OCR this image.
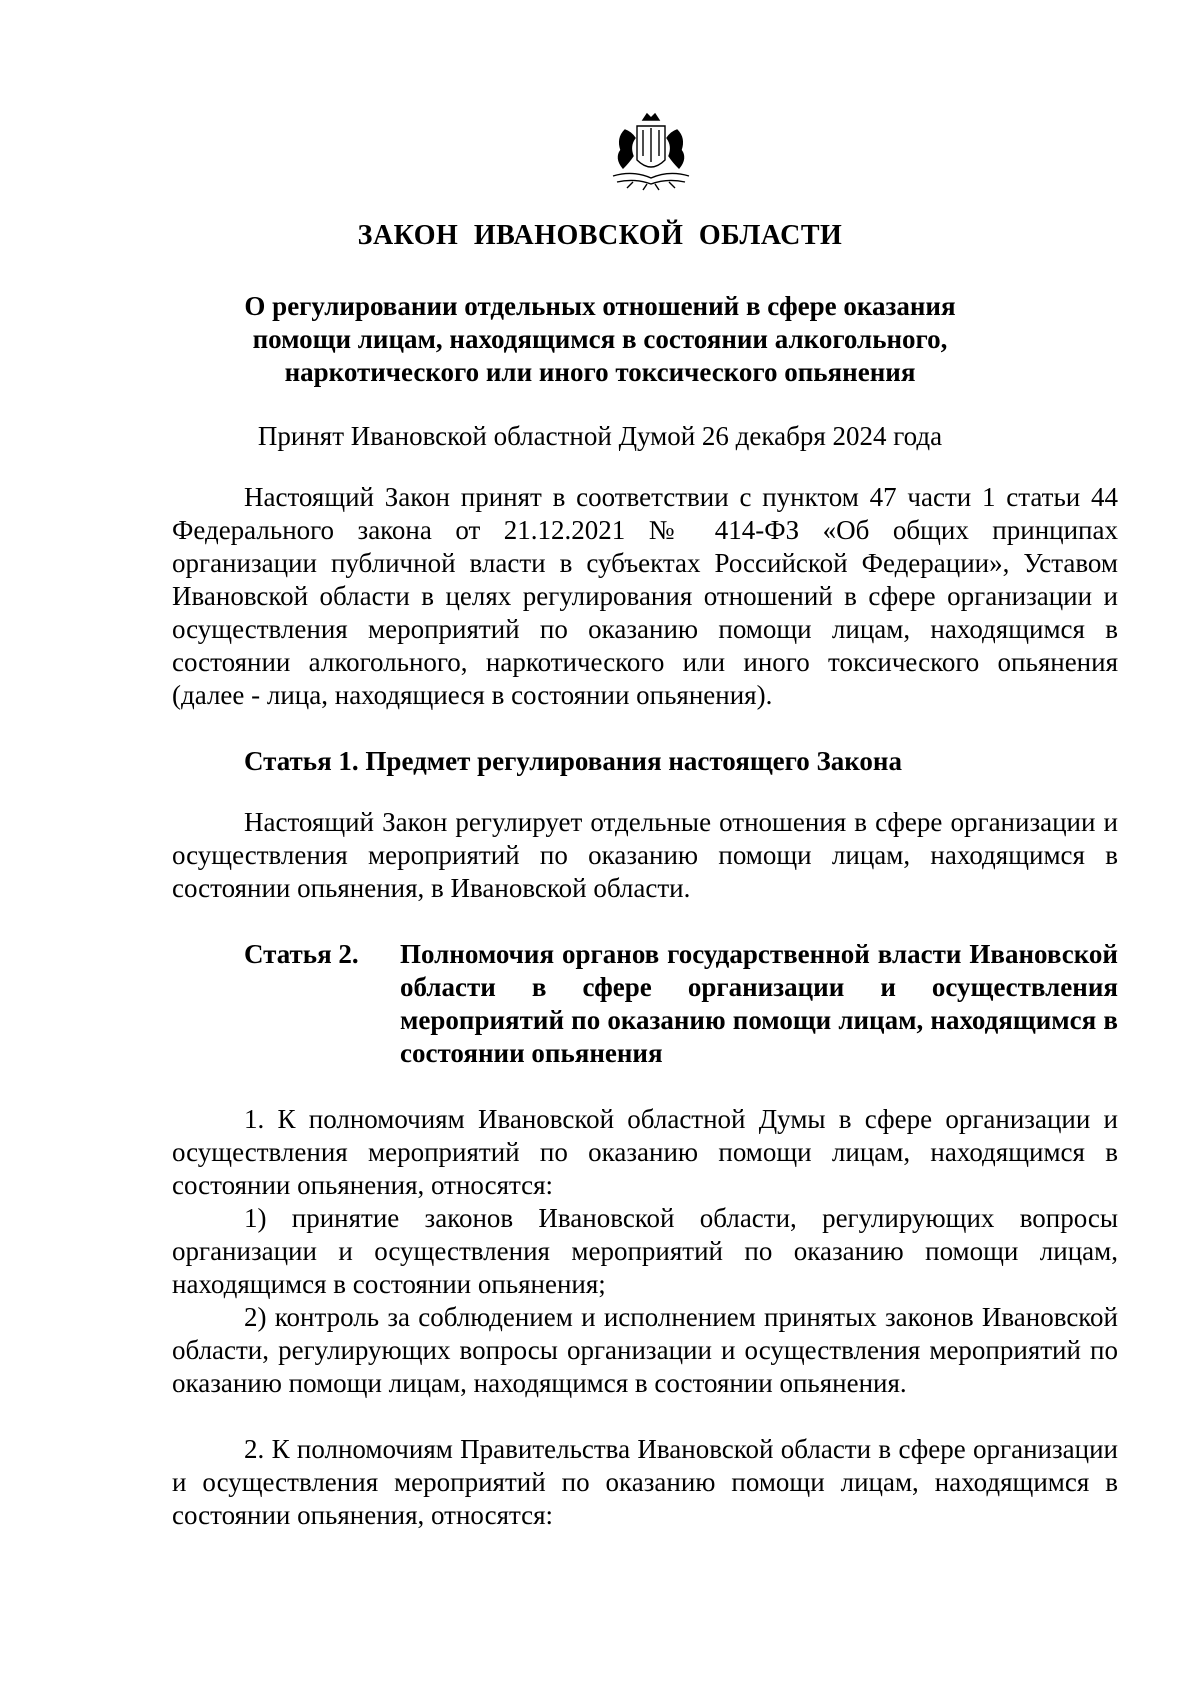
ЗАКОН ИВАНОВСКОЙ ОБЛАСТИ
О регулировании отдельных отношений в сфере оказания помощи лицам, находящимся в состоянии алкогольного, наркотического или иного токсического опьянения
Принят Ивановской областной Думой 26 декабря 2024 года

Настоящий Закон принят в соответствии с пунктом 47 части 1 статьи 44 Федерального закона от 21.12.2021 № 414-ФЗ «Об общих принципах организации публичной власти в субъектах Российской Федерации», Уставом Ивановской области в целях регулирования отношений в сфере организации и осуществления мероприятий по оказанию помощи лицам, находящимся в состоянии алкогольного, наркотического или иного токсического опьянения (далее - лица, находящиеся в состоянии опьянения).

Статья 1. Предмет регулирования настоящего Закона

Настоящий Закон регулирует отдельные отношения в сфере организации и осуществления мероприятий по оказанию помощи лицам, находящимся в состоянии опьянения, в Ивановской области.

Статья 2.	Полномочия органов государственной власти Ивановской области в сфере организации и осуществления мероприятий по оказанию помощи лицам, находящимся в состоянии опьянения

1. К полномочиям Ивановской областной Думы в сфере организации и осуществления мероприятий по оказанию помощи лицам, находящимся в состоянии опьянения, относятся:

1) принятие законов Ивановской области, регулирующих вопросы организации и осуществления мероприятий по оказанию помощи лицам, находящимся в состоянии опьянения;

2) контроль за соблюдением и исполнением принятых законов Ивановской области, регулирующих вопросы организации и осуществления мероприятий по оказанию помощи лицам, находящимся в состоянии опьянения.

2. К полномочиям Правительства Ивановской области в сфере организации и осуществления мероприятий по оказанию помощи лицам, находящимся в состоянии опьянения, относятся:
